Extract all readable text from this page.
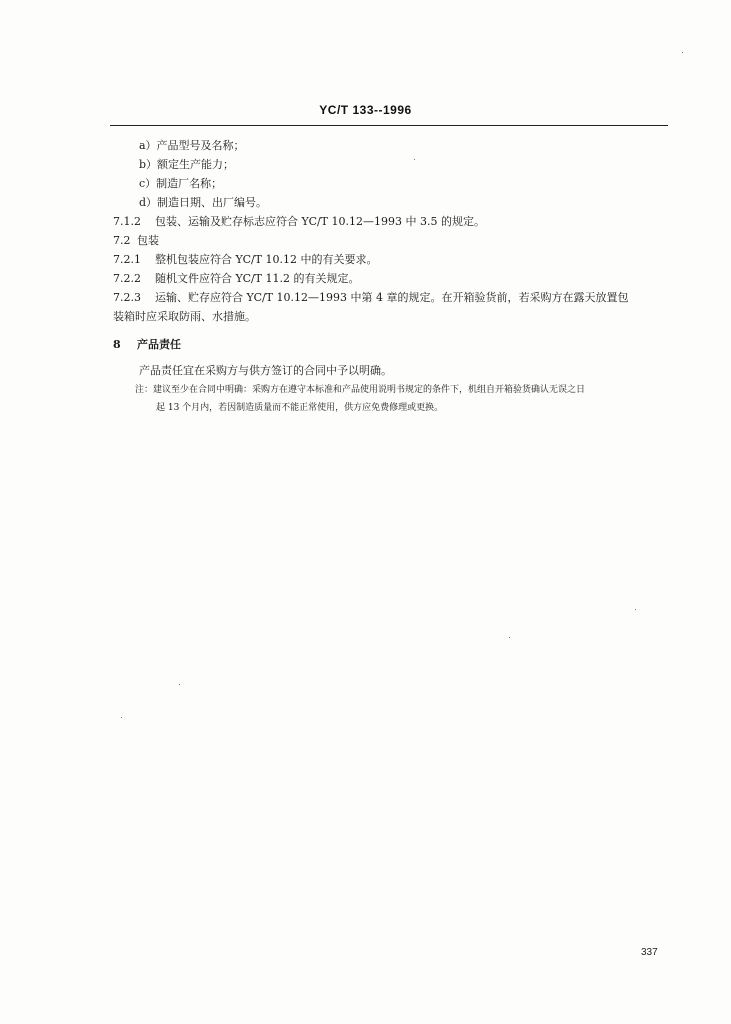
YC/T 133--1996
a）产品型号及名称；
b）额定生产能力；
c）制造厂名称；
d）制造日期、出厂编号。
7.1.2 包装、运输及贮存标志应符合 YC/T 10.12—1993 中 3.5 的规定。
7.2 包装
7.2.1 整机包装应符合 YC/T 10.12 中的有关要求。
7.2.2 随机文件应符合 YC/T 11.2 的有关规定。
7.2.3 运输、贮存应符合 YC/T 10.12—1993 中第 4 章的规定。在开箱验货前，若采购方在露天放置包
装箱时应采取防雨、水措施。
8 产品责任
产品责任宜在采购方与供方签订的合同中予以明确。
注：建议至少在合同中明确：采购方在遵守本标准和产品使用说明书规定的条件下，机组自开箱验货确认无误之日
起 13 个月内，若因制造质量而不能正常使用，供方应免费修理或更换。
337
